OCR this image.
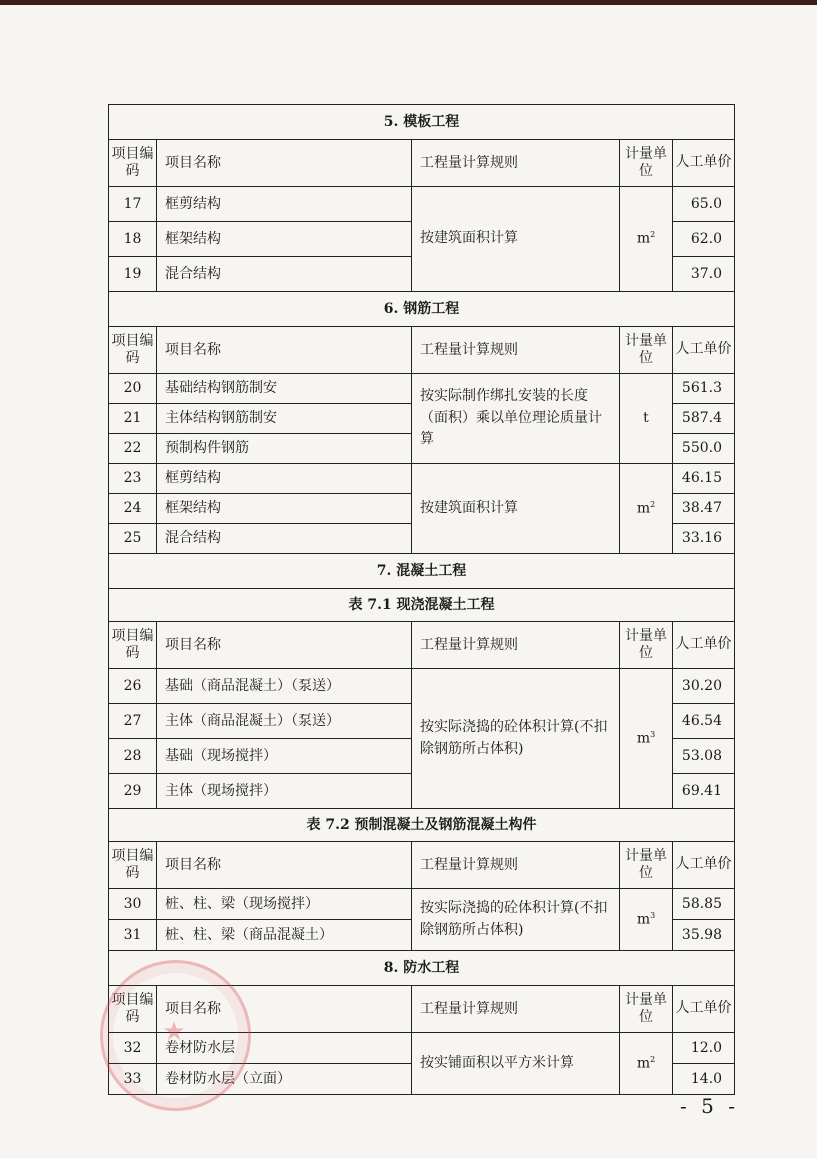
5. 模板工程				
项目编码	项目名称	工程量计算规则	计量单位	人工单价
17	框剪结构	按建筑面积计算	$m^2$	65.0
18	框架结构			62.0
19	混合结构			37.0
6. 钢筋工程				
项目编码	项目名称	工程量计算规则	计量单位	人工单价
20	基础结构钢筋制安	按实际制作绑扎安装的长度（面积）乘以单位理论质量计算	t	561.3
21	主体结构钢筋制安			587.4
22	预制构件钢筋			550.0
23	框剪结构	按建筑面积计算	$m^2$	46.15
24	框架结构			38.47
25	混合结构			33.16
7. 混凝土工程				
表 7.1 现浇混凝土工程				
项目编码	项目名称	工程量计算规则	计量单位	人工单价
26	基础（商品混凝土）（泵送）	按实际浇捣的砼体积计算(不扣除钢筋所占体积)	$m^3$	30.20
27	主体（商品混凝土）（泵送）			46.54
28	基础（现场搅拌）			53.08
29	主体（现场搅拌）			69.41
表 7.2 预制混凝土及钢筋混凝土构件				
项目编码	项目名称	工程量计算规则	计量单位	人工单价
30	桩、柱、梁（现场搅拌）	按实际浇捣的砼体积计算(不扣除钢筋所占体积)	$m^3$	58.85
31	桩、柱、梁（商品混凝土）			35.98
8. 防水工程				
项目编码	项目名称	工程量计算规则	计量单位	人工单价
32	卷材防水层	按实铺面积以平方米计算	$m^2$	12.0
33	卷材防水层（立面）			14.0
★
- 5 -
